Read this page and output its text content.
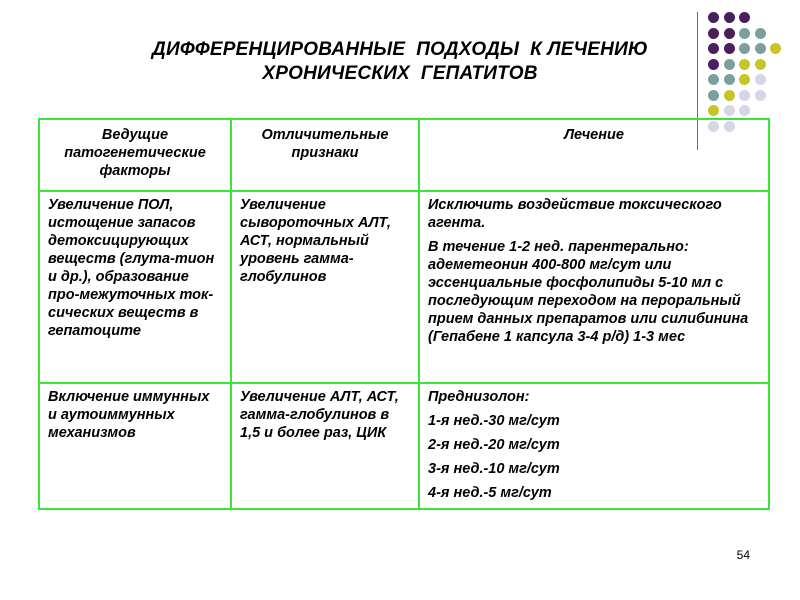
ДИФФЕРЕНЦИРОВАННЫЕ  ПОДХОДЫ  К ЛЕЧЕНИЮ
ХРОНИЧЕСКИХ  ГЕПАТИТОВ
Ведущие патогенетические факторы	Отличительные признаки	Лечение
Увеличение ПОЛ, истощение запасов детоксицирующих веществ (глута-тион и др.), образование про-межуточных ток-сических веществ в гепатоците	Увеличение сывороточных АЛТ, АСТ, нормальный уровень гамма-глобулинов	Исключить воздействие токсического агента.
В течение 1-2 нед. парентерально: адеметеонин 400-800 мг/сут или эссенциальные фосфолипиды 5-10 мл с последующим переходом на пероральный прием данных препаратов или силибинина (Гепабене 1 капсула 3-4 р/д) 1-3 мес

Включение иммунных и аутоиммунных механизмов	Увеличение АЛТ, АСТ, гамма-глобулинов в 1,5 и более раз, ЦИК	Преднизолон:
1-я нед.-30 мг/сут
2-я нед.-20 мг/сут
3-я нед.-10 мг/сут
4-я нед.-5 мг/сут
54
